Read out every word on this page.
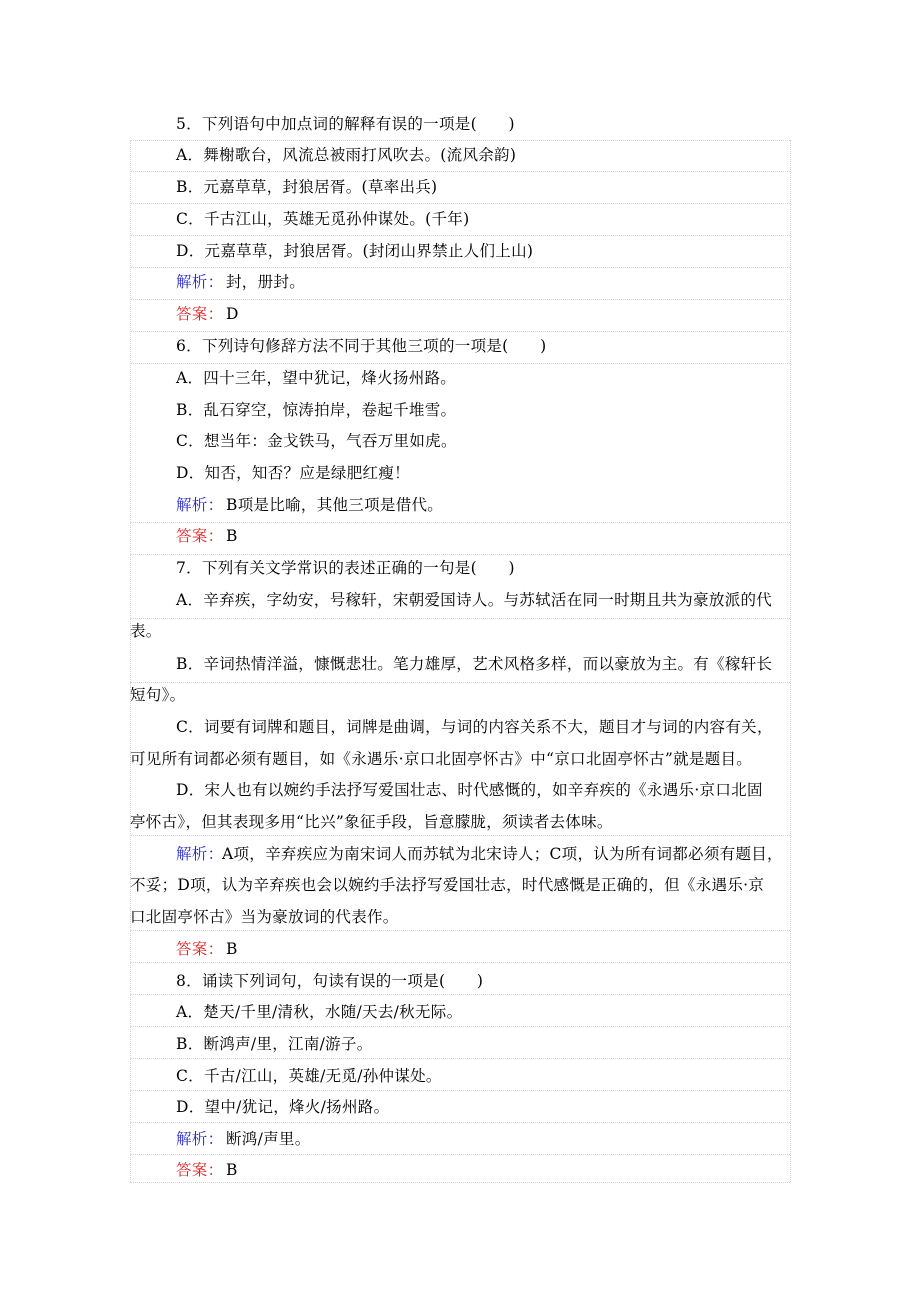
5．下列语句中加点词的解释有误的一项是(　　)
A．舞榭歌台，风流总被雨打风吹去。(流风余韵)
B．元嘉草草，封狼居胥。(草率出兵)
C．千古江山，英雄无觅孙仲谋处。(千年)
D．元嘉草草，封狼居胥。(封闭山界禁止人们上山)
解析： 封，册封。
答案： D
6．下列诗句修辞方法不同于其他三项的一项是(　　)
A．四十三年，望中犹记，烽火扬州路。
B．乱石穿空，惊涛拍岸，卷起千堆雪。
C．想当年：金戈铁马，气吞万里如虎。
D．知否，知否？应是绿肥红瘦！
解析： B项是比喻，其他三项是借代。
答案： B
7．下列有关文学常识的表述正确的一句是(　　)
A．辛弃疾，字幼安，号稼轩，宋朝爱国诗人。与苏轼活在同一时期且共为豪放派的代
表。
B．辛词热情洋溢，慷慨悲壮。笔力雄厚，艺术风格多样，而以豪放为主。有《稼轩长
短句》。
C．词要有词牌和题目，词牌是曲调，与词的内容关系不大，题目才与词的内容有关，
可见所有词都必须有题目，如《永遇乐·京口北固亭怀古》中“京口北固亭怀古”就是题目。
D．宋人也有以婉约手法抒写爱国壮志、时代感慨的，如辛弃疾的《永遇乐·京口北固
亭怀古》，但其表现多用“比兴”象征手段，旨意朦胧，须读者去体味。
解析：
A项，辛弃疾应为南宋词人而苏轼为北宋诗人；C项，认为所有词都必须有题目，
不妥；D项，认为辛弃疾也会以婉约手法抒写爱国壮志，时代感慨是正确的，但《永遇乐·京
口北固亭怀古》当为豪放词的代表作。
答案： B
8．诵读下列词句，句读有误的一项是(　　)
A．楚天/千里/清秋，水随/天去/秋无际。
B．断鸿声/里，江南/游子。
C．千古/江山，英雄/无觅/孙仲谋处。
D．望中/犹记，烽火/扬州路。
解析： 断鸿/声里。
答案： B
